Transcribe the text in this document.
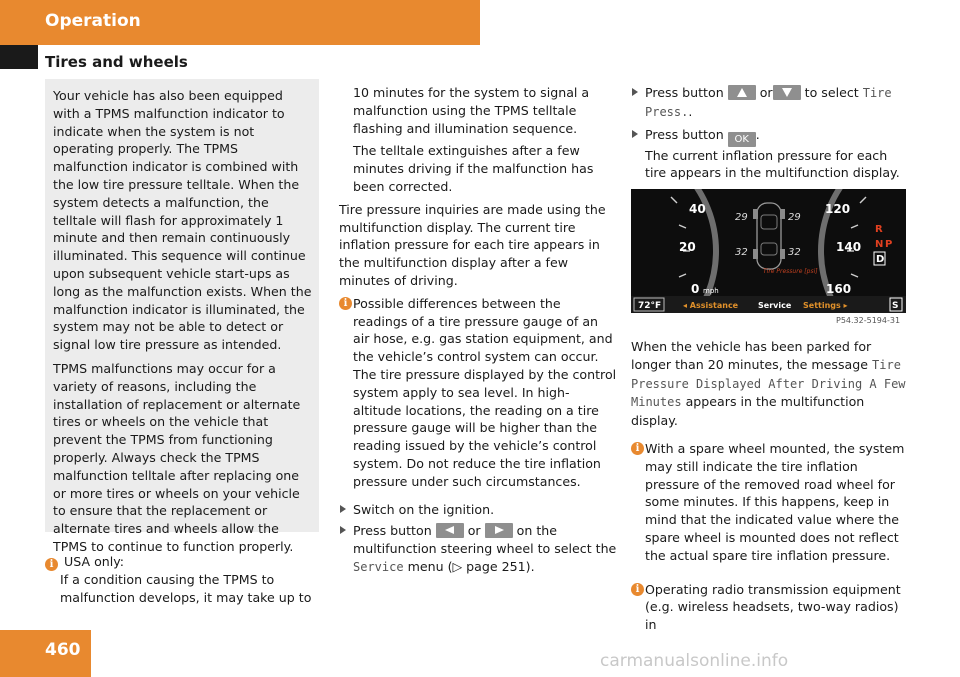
Operation
Tires and wheels

Your vehicle has also been equipped with a TPMS malfunction indicator to indicate when the system is not operating properly. The TPMS malfunction indicator is combined with the low tire pressure telltale. When the system detects a malfunction, the telltale will flash for approximately 1 minute and then remain continuously illuminated. This sequence will continue upon subsequent vehicle start-ups as long as the malfunction exists. When the malfunction indicator is illuminated, the system may not be able to detect or signal low tire pressure as intended.

TPMS malfunctions may occur for a variety of reasons, including the installation of replacement or alternate tires or wheels on the vehicle that prevent the TPMS from functioning properly. Always check the TPMS malfunction telltale after replacing one or more tires or wheels on your vehicle to ensure that the replacement or alternate tires and wheels allow the TPMS to continue to function properly.

i USA only:
If a condition causing the TPMS to malfunction develops, it may take up to

10 minutes for the system to signal a malfunction using the TPMS telltale flashing and illumination sequence.

The telltale extinguishes after a few minutes driving if the malfunction has been corrected.

Tire pressure inquiries are made using the multifunction display. The current tire inflation pressure for each tire appears in the multifunction display after a few minutes of driving.

i Possible differences between the readings of a tire pressure gauge of an air hose, e.g. gas station equipment, and the vehicle’s control system can occur. The tire pressure displayed by the control system apply to sea level. In high-altitude locations, the reading on a tire pressure gauge will be higher than the reading issued by the vehicle’s control system. Do not reduce the tire inflation pressure under such circumstances.
Switch on the ignition.
Press button	or	on the multifunction steering wheel to select the Service menu (▷ page 251).
Press button	or	to select Tire Press..
Press button OK .
The current inflation pressure for each tire appears in the multifunction display.
40
20
0 mph
120
140
160
29	29
32	32
Tire Pressure [psi]
R
N P
D
72°F	◂ Assistance Service Settings ▸	S
P54.32-5194-31

When the vehicle has been parked for longer than 20 minutes, the message Tire Pressure Displayed After Driving A Few Minutes appears in the multifunction display.

i With a spare wheel mounted, the system may still indicate the tire inflation pressure of the removed road wheel for some minutes. If this happens, keep in mind that the indicated value where the spare wheel is mounted does not reflect the actual spare tire inflation pressure.
i Operating radio transmission equipment (e.g. wireless headsets, two-way radios) in
460
carmanualsonline.info
